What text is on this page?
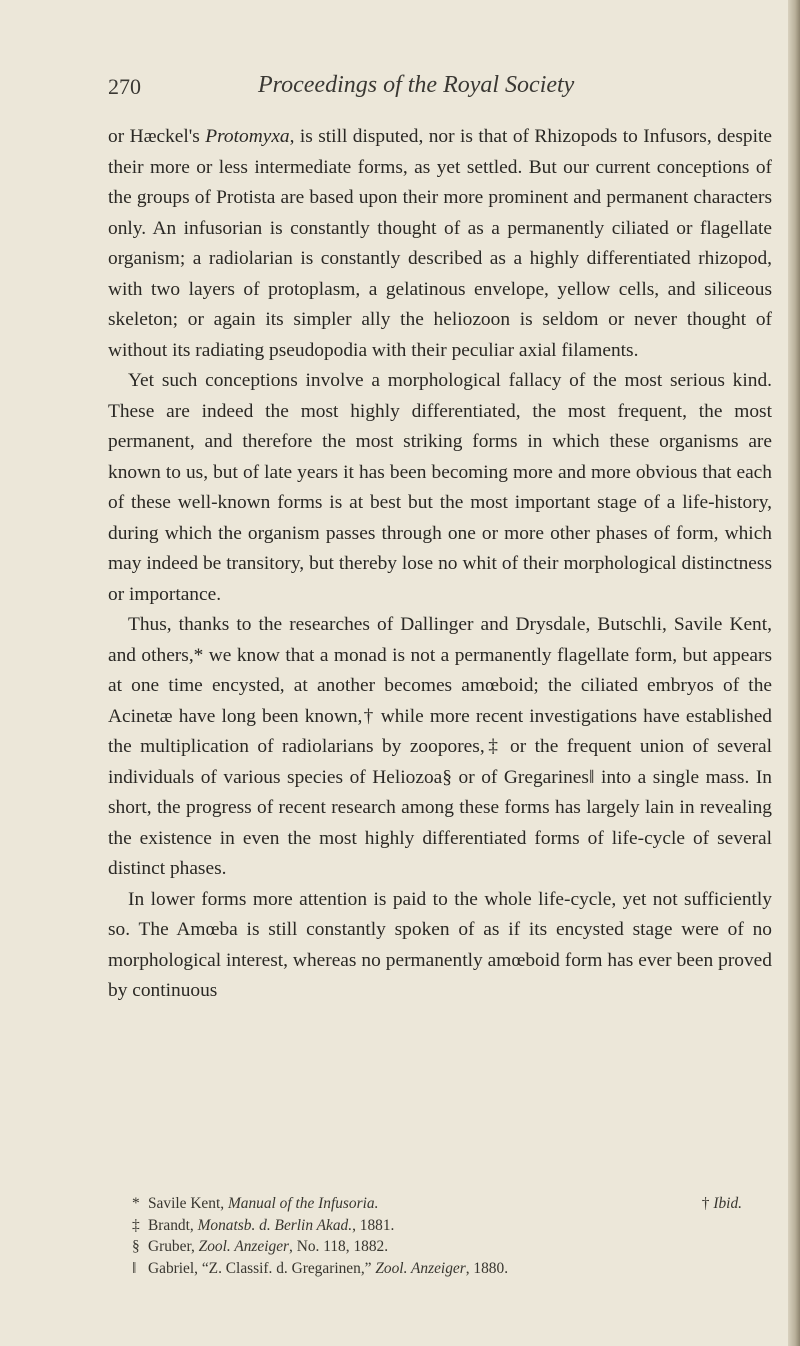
270	Proceedings of the Royal Society

or Hæckel's Protomyxa, is still disputed, nor is that of Rhizopods to Infusors, despite their more or less intermediate forms, as yet settled. But our current conceptions of the groups of Protista are based upon their more prominent and permanent characters only. An infusorian is constantly thought of as a permanently ciliated or flagellate organism; a radiolarian is constantly described as a highly differentiated rhizopod, with two layers of protoplasm, a gelatinous envelope, yellow cells, and siliceous skeleton; or again its simpler ally the heliozoon is seldom or never thought of without its radiating pseudopodia with their peculiar axial filaments.

Yet such conceptions involve a morphological fallacy of the most serious kind. These are indeed the most highly differentiated, the most frequent, the most permanent, and therefore the most striking forms in which these organisms are known to us, but of late years it has been becoming more and more obvious that each of these well-known forms is at best but the most important stage of a life-history, during which the organism passes through one or more other phases of form, which may indeed be transitory, but thereby lose no whit of their morphological distinctness or importance.

Thus, thanks to the researches of Dallinger and Drysdale, Butschli, Savile Kent, and others,* we know that a monad is not a permanently flagellate form, but appears at one time encysted, at another becomes amœboid; the ciliated embryos of the Acinetæ have long been known,† while more recent investigations have established the multiplication of radiolarians by zoopores,‡ or the frequent union of several individuals of various species of Heliozoa§ or of Gregarines‖ into a single mass. In short, the progress of recent research among these forms has largely lain in revealing the existence in even the most highly differentiated forms of life-cycle of several distinct phases.

In lower forms more attention is paid to the whole life-cycle, yet not sufficiently so. The Amœba is still constantly spoken of as if its encysted stage were of no morphological interest, whereas no permanently amœboid form has ever been proved by continuous

* Savile Kent, Manual of the Infusoria.	† Ibid.
‡ Brandt, Monatsb. d. Berlin Akad., 1881.
§ Gruber, Zool. Anzeiger, No. 118, 1882.
‖ Gabriel, “Z. Classif. d. Gregarinen,” Zool. Anzeiger, 1880.
